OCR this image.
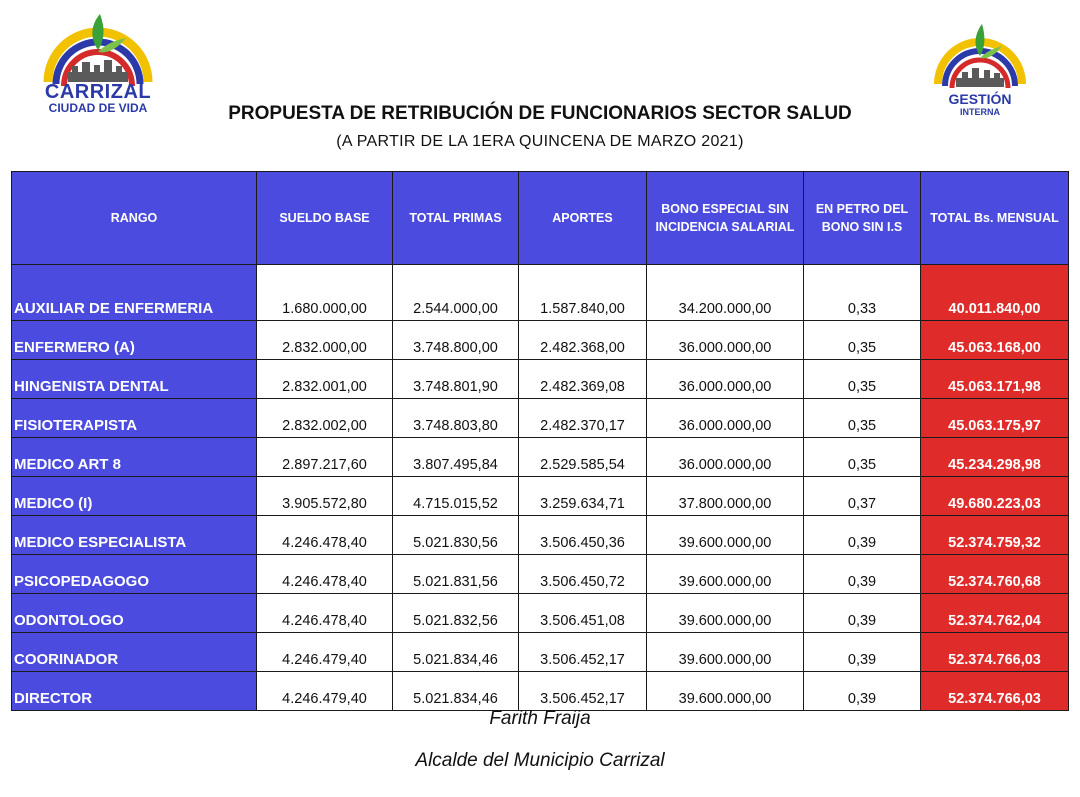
CARRIZAL
CIUDAD DE VIDA
GESTIÓN
INTERNA
PROPUESTA DE RETRIBUCIÓN DE FUNCIONARIOS SECTOR SALUD
(A PARTIR DE LA 1ERA QUINCENA DE MARZO 2021)
RANGO	SUELDO BASE	TOTAL PRIMAS	APORTES	BONO ESPECIAL SIN INCIDENCIA SALARIAL	EN PETRO DEL BONO SIN I.S	TOTAL Bs. MENSUAL
AUXILIAR DE ENFERMERIA	1.680.000,00	2.544.000,00	1.587.840,00	34.200.000,00	0,33	40.011.840,00
ENFERMERO (A)	2.832.000,00	3.748.800,00	2.482.368,00	36.000.000,00	0,35	45.063.168,00
HINGENISTA DENTAL	2.832.001,00	3.748.801,90	2.482.369,08	36.000.000,00	0,35	45.063.171,98
FISIOTERAPISTA	2.832.002,00	3.748.803,80	2.482.370,17	36.000.000,00	0,35	45.063.175,97
MEDICO ART 8	2.897.217,60	3.807.495,84	2.529.585,54	36.000.000,00	0,35	45.234.298,98
MEDICO (I)	3.905.572,80	4.715.015,52	3.259.634,71	37.800.000,00	0,37	49.680.223,03
MEDICO ESPECIALISTA	4.246.478,40	5.021.830,56	3.506.450,36	39.600.000,00	0,39	52.374.759,32
PSICOPEDAGOGO	4.246.478,40	5.021.831,56	3.506.450,72	39.600.000,00	0,39	52.374.760,68
ODONTOLOGO	4.246.478,40	5.021.832,56	3.506.451,08	39.600.000,00	0,39	52.374.762,04
COORINADOR	4.246.479,40	5.021.834,46	3.506.452,17	39.600.000,00	0,39	52.374.766,03
DIRECTOR	4.246.479,40	5.021.834,46	3.506.452,17	39.600.000,00	0,39	52.374.766,03
Farith Fraija
Alcalde del Municipio Carrizal
